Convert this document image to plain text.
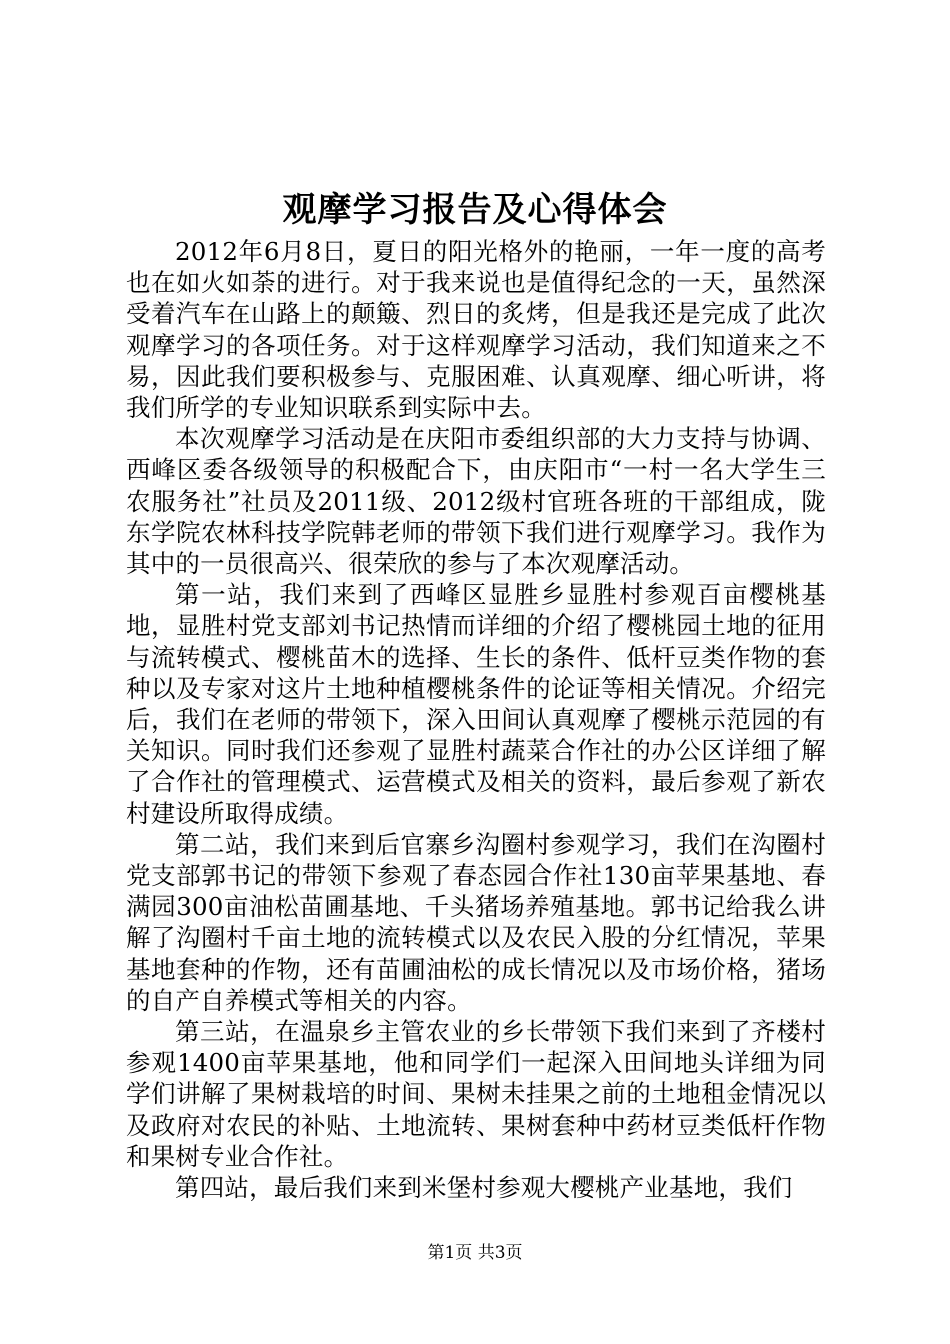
观摩学习报告及心得体会

2012年6月8日，夏日的阳光格外的艳丽，一年一度的高考也在如火如荼的进行。对于我来说也是值得纪念的一天，虽然深受着汽车在山路上的颠簸、烈日的炙烤，但是我还是完成了此次观摩学习的各项任务。对于这样观摩学习活动，我们知道来之不易，因此我们要积极参与、克服困难、认真观摩、细心听讲，将我们所学的专业知识联系到实际中去。

本次观摩学习活动是在庆阳市委组织部的大力支持与协调、西峰区委各级领导的积极配合下，由庆阳市“一村一名大学生三农服务社”社员及2011级、2012级村官班各班的干部组成，陇东学院农林科技学院韩老师的带领下我们进行观摩学习。我作为其中的一员很高兴、很荣欣的参与了本次观摩活动。

第一站，我们来到了西峰区显胜乡显胜村参观百亩樱桃基地，显胜村党支部刘书记热情而详细的介绍了樱桃园土地的征用与流转模式、樱桃苗木的选择、生长的条件、低杆豆类作物的套种以及专家对这片土地种植樱桃条件的论证等相关情况。介绍完后，我们在老师的带领下，深入田间认真观摩了樱桃示范园的有关知识。同时我们还参观了显胜村蔬菜合作社的办公区详细了解了合作社的管理模式、运营模式及相关的资料，最后参观了新农村建设所取得成绩。

第二站，我们来到后官寨乡沟圈村参观学习，我们在沟圈村党支部郭书记的带领下参观了春态园合作社130亩苹果基地、春满园300亩油松苗圃基地、千头猪场养殖基地。郭书记给我么讲解了沟圈村千亩土地的流转模式以及农民入股的分红情况，苹果基地套种的作物，还有苗圃油松的成长情况以及市场价格，猪场的自产自养模式等相关的内容。

第三站，在温泉乡主管农业的乡长带领下我们来到了齐楼村参观1400亩苹果基地，他和同学们一起深入田间地头详细为同学们讲解了果树栽培的时间、果树未挂果之前的土地租金情况以及政府对农民的补贴、土地流转、果树套种中药材豆类低杆作物和果树专业合作社。

第四站，最后我们来到米堡村参观大樱桃产业基地，我们

第1页 共3页
